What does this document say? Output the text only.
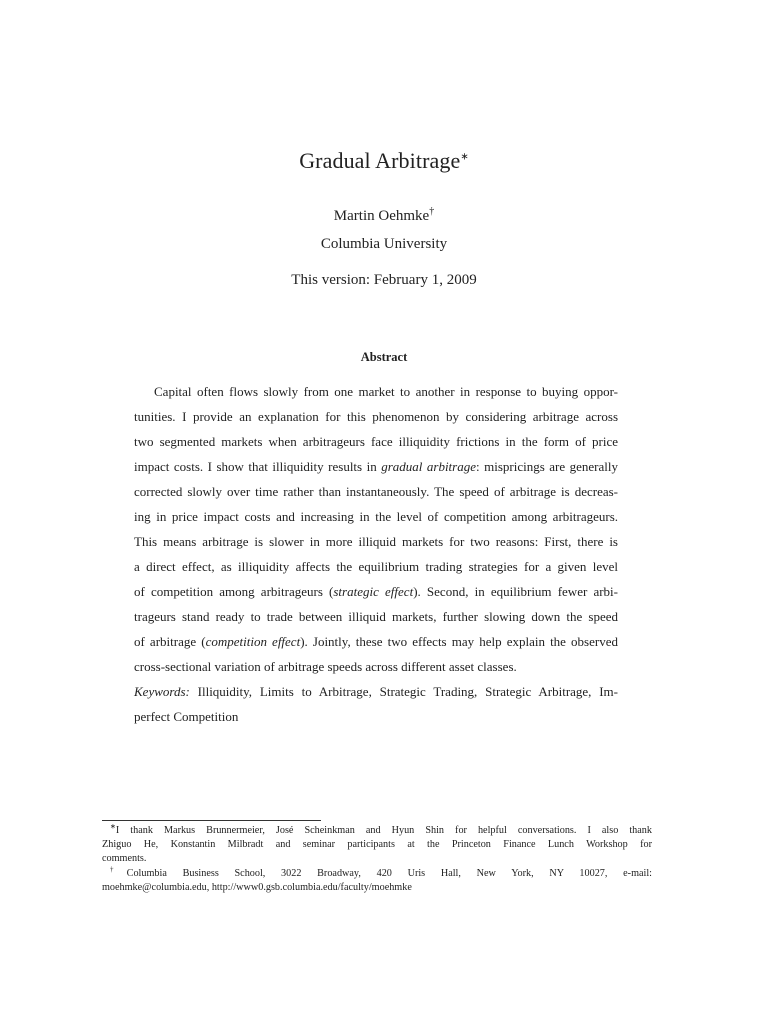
Gradual Arbitrage∗
Martin Oehmke†
Columbia University
This version: February 1, 2009
Abstract
Capital often flows slowly from one market to another in response to buying oppor-
tunities. I provide an explanation for this phenomenon by considering arbitrage across
two segmented markets when arbitrageurs face illiquidity frictions in the form of price
impact costs. I show that illiquidity results in gradual arbitrage: mispricings are generally
corrected slowly over time rather than instantaneously. The speed of arbitrage is decreas-
ing in price impact costs and increasing in the level of competition among arbitrageurs.
This means arbitrage is slower in more illiquid markets for two reasons: First, there is
a direct effect, as illiquidity affects the equilibrium trading strategies for a given level
of competition among arbitrageurs (strategic effect). Second, in equilibrium fewer arbi-
trageurs stand ready to trade between illiquid markets, further slowing down the speed
of arbitrage (competition effect). Jointly, these two effects may help explain the observed
cross-sectional variation of arbitrage speeds across different asset classes.
Keywords: Illiquidity, Limits to Arbitrage, Strategic Trading, Strategic Arbitrage, Im-
perfect Competition
∗I thank Markus Brunnermeier, José Scheinkman and Hyun Shin for helpful conversations. I also thank
Zhiguo He, Konstantin Milbradt and seminar participants at the Princeton Finance Lunch Workshop for
comments.
†Columbia Business School, 3022 Broadway, 420 Uris Hall, New York, NY 10027, e-mail:
moehmke@columbia.edu, http://www0.gsb.columbia.edu/faculty/moehmke
